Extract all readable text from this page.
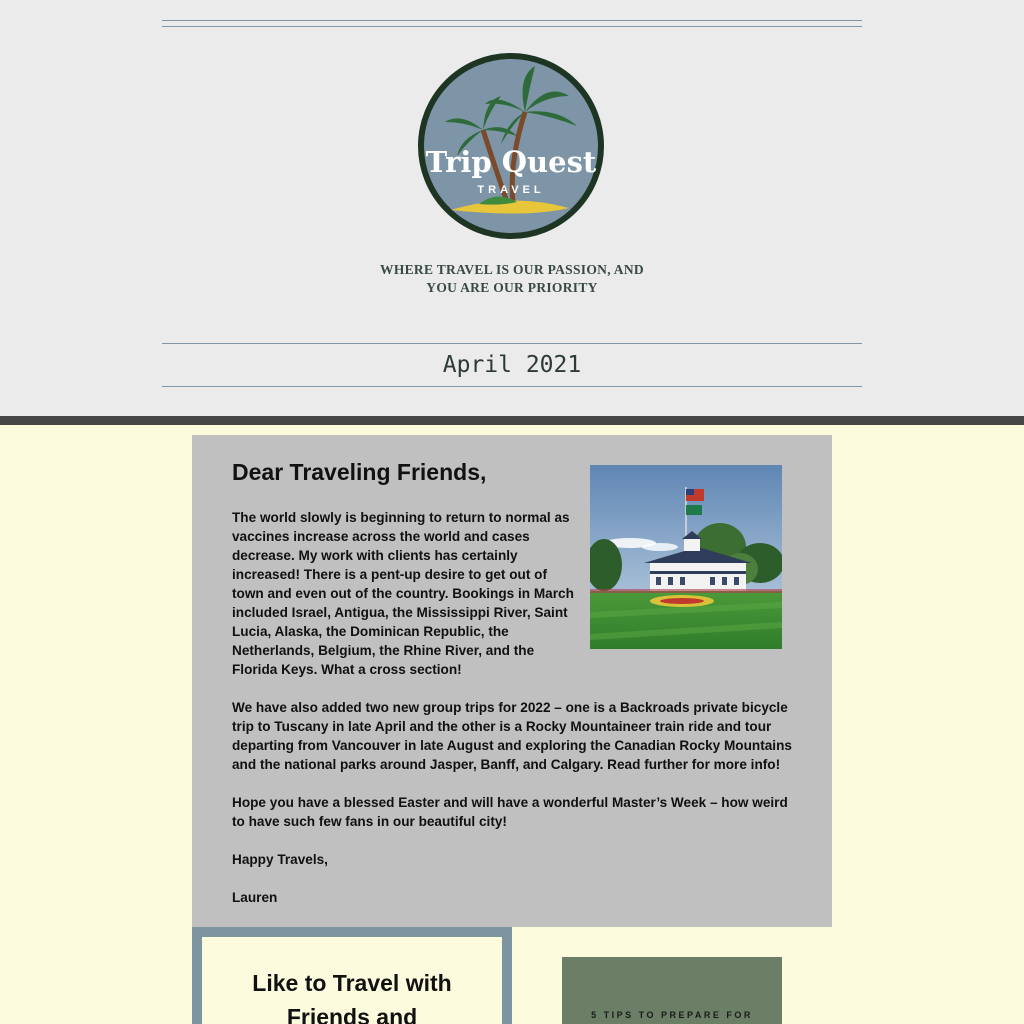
Trip Quest
TRAVEL
WHERE TRAVEL IS OUR PASSION, AND
YOU ARE OUR PRIORITY
April 2021
Dear Traveling Friends,

The world slowly is beginning to return to normal as vaccines increase across the world and cases decrease. My work with clients has certainly increased! There is a pent-up desire to get out of town and even out of the country. Bookings in March included Israel, Antigua, the Mississippi River, Saint Lucia, Alaska, the Dominican Republic, the Netherlands, Belgium, the Rhine River, and the Florida Keys. What a cross section!

We have also added two new group trips for 2022 – one is a Backroads private bicycle trip to Tuscany in late April and the other is a Rocky Mountaineer train ride and tour departing from Vancouver in late August and exploring the Canadian Rocky Mountains and the national parks around Jasper, Banff, and Calgary. Read further for more info!

Hope you have a blessed Easter and will have a wonderful Master’s Week – how weird to have such few fans in our beautiful city!

Happy Travels,

Lauren

Like to Travel with
Friends and	5 TIPS TO PREPARE FOR
